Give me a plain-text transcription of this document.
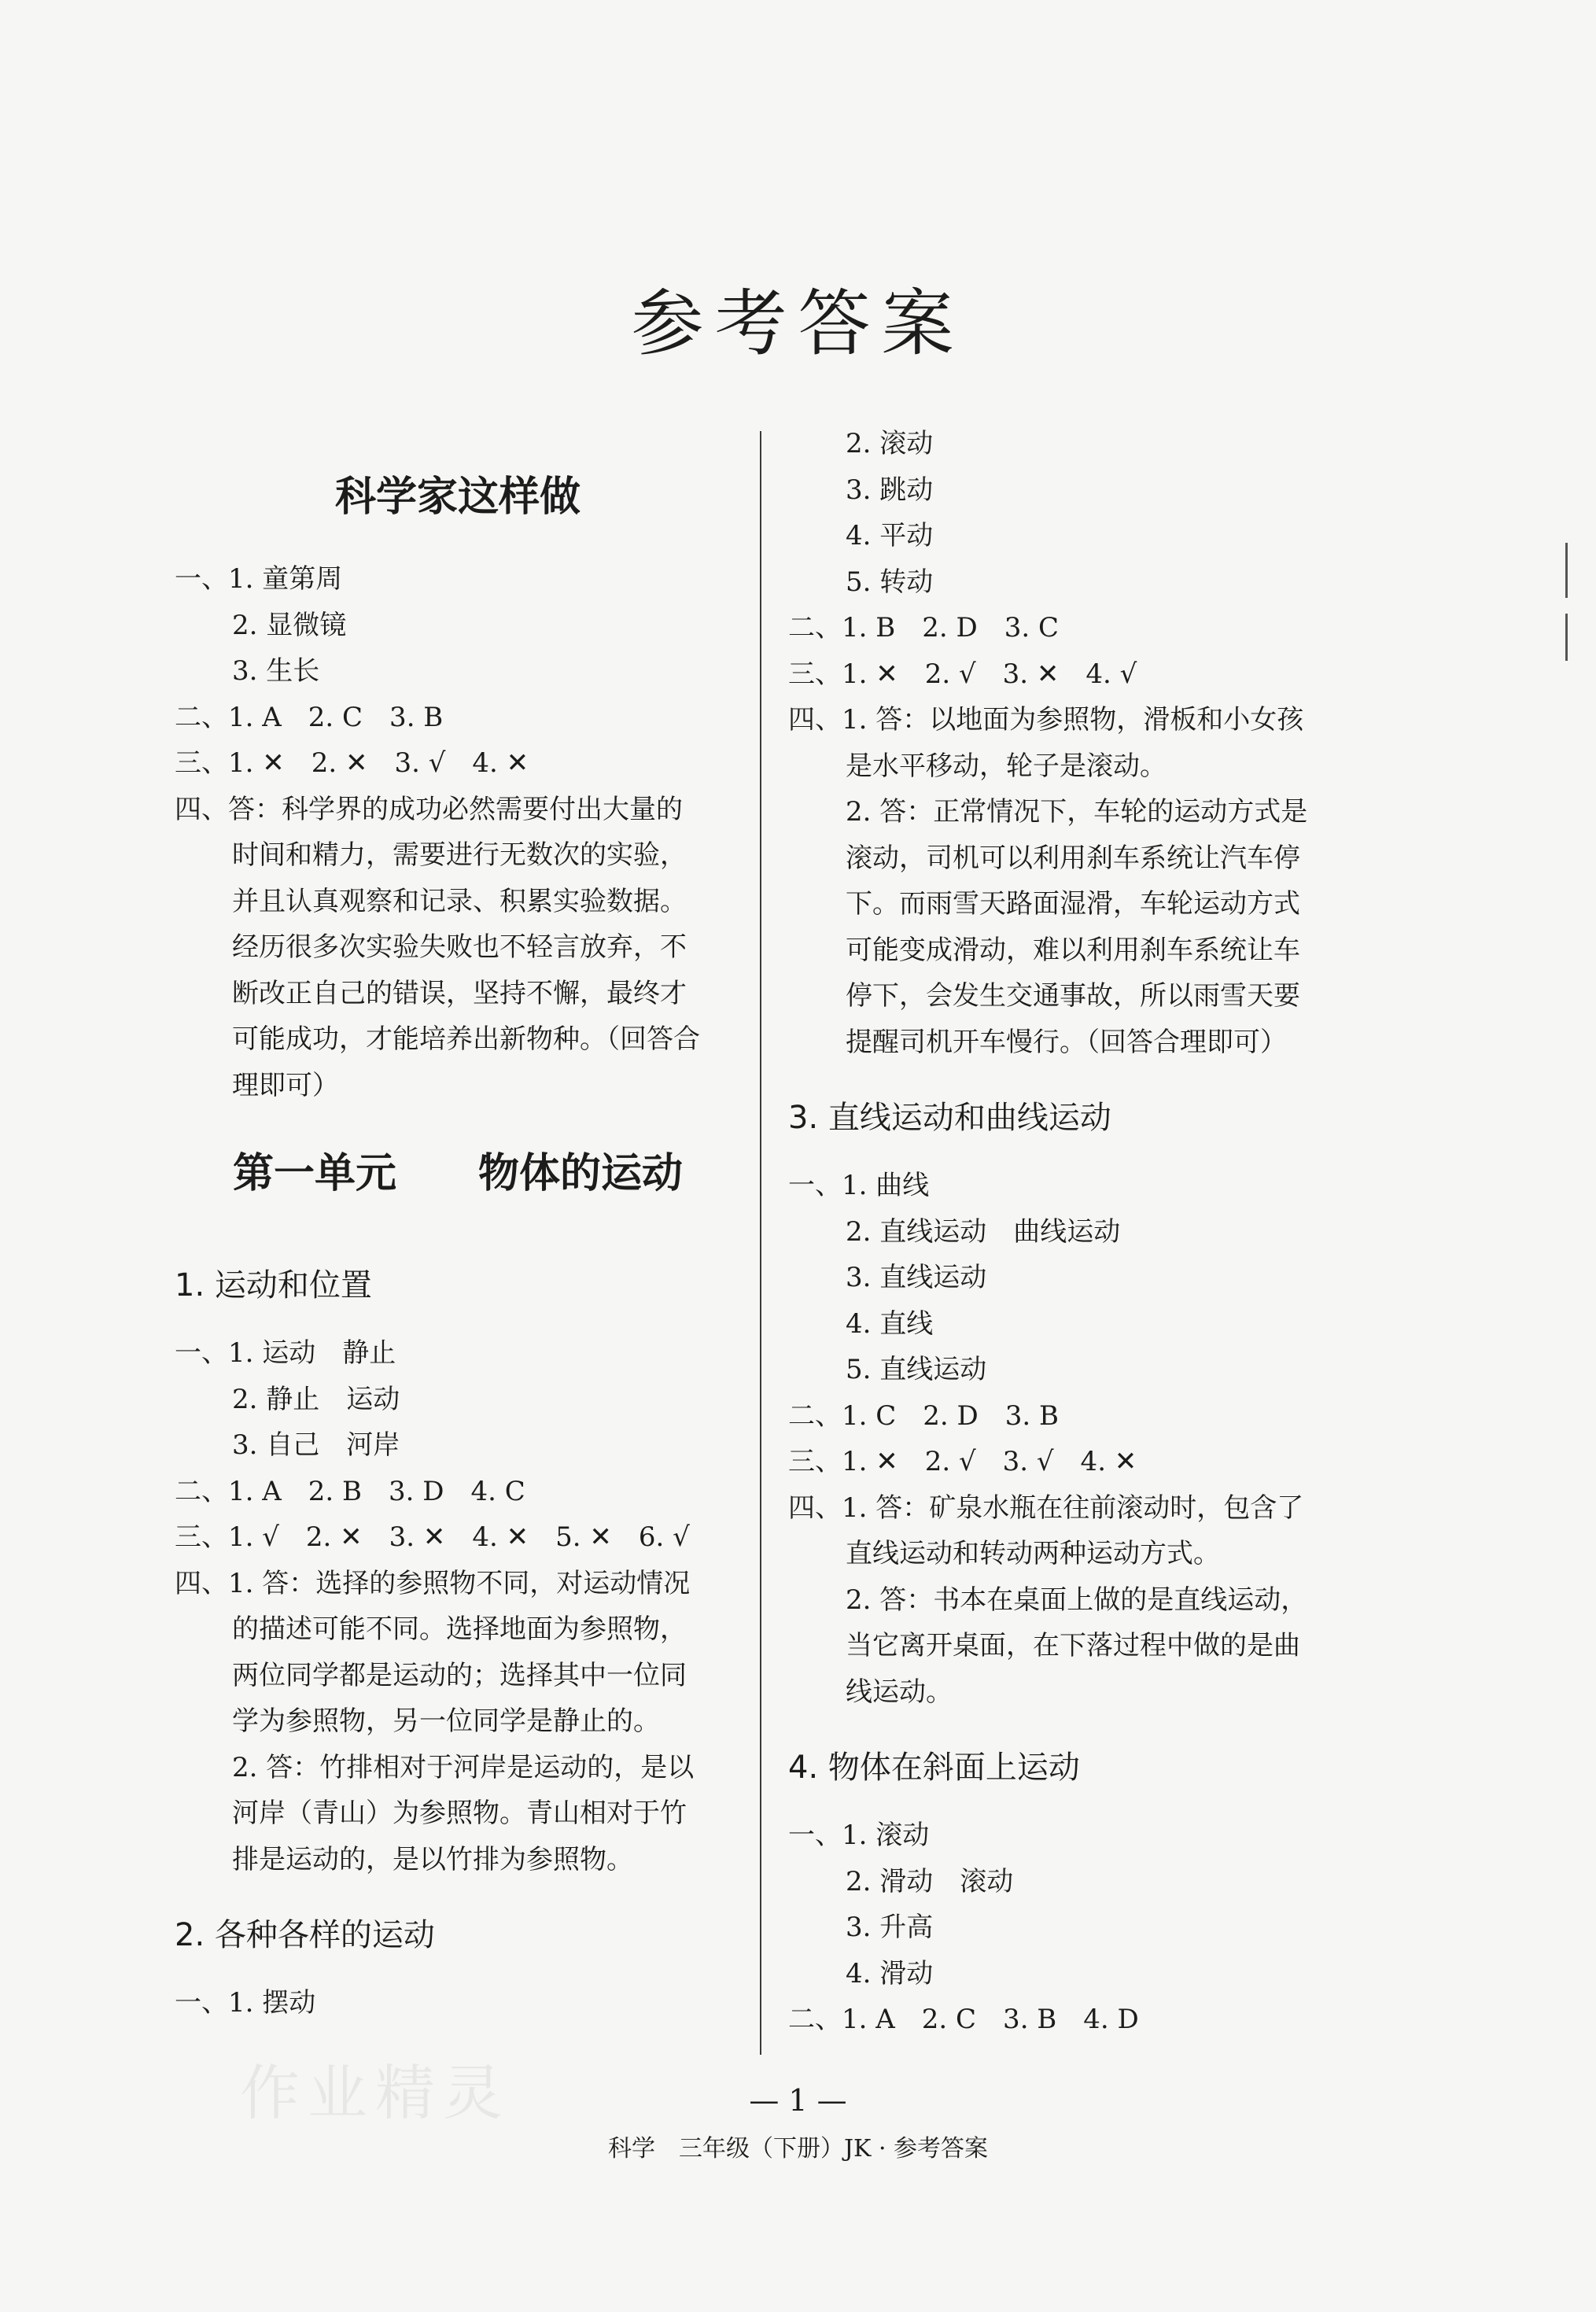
参考答案
科学家这样做
一、1. 童第周
2. 显微镜
3. 生长
二、1. A　2. C　3. B
三、1. ✕　2. ✕　3. √　4. ✕
四、答：科学界的成功必然需要付出大量的
时间和精力，需要进行无数次的实验，
并且认真观察和记录、积累实验数据。
经历很多次实验失败也不轻言放弃，不
断改正自己的错误，坚持不懈，最终才
可能成功，才能培养出新物种。（回答合
理即可）
第一单元　　物体的运动
1. 运动和位置
一、1. 运动　静止
2. 静止　运动
3. 自己　河岸
二、1. A　2. B　3. D　4. C
三、1. √　2. ✕　3. ✕　4. ✕　5. ✕　6. √
四、1. 答：选择的参照物不同，对运动情况
的描述可能不同。选择地面为参照物，
两位同学都是运动的；选择其中一位同
学为参照物，另一位同学是静止的。
2. 答：竹排相对于河岸是运动的，是以
河岸（青山）为参照物。青山相对于竹
排是运动的，是以竹排为参照物。
2. 各种各样的运动
一、1. 摆动
2. 滚动
3. 跳动
4. 平动
5. 转动
二、1. B　2. D　3. C
三、1. ✕　2. √　3. ✕　4. √
四、1. 答：以地面为参照物，滑板和小女孩
是水平移动，轮子是滚动。
2. 答：正常情况下，车轮的运动方式是
滚动，司机可以利用刹车系统让汽车停
下。而雨雪天路面湿滑，车轮运动方式
可能变成滑动，难以利用刹车系统让车
停下，会发生交通事故，所以雨雪天要
提醒司机开车慢行。（回答合理即可）
3. 直线运动和曲线运动
一、1. 曲线
2. 直线运动　曲线运动
3. 直线运动
4. 直线
5. 直线运动
二、1. C　2. D　3. B
三、1. ✕　2. √　3. √　4. ✕
四、1. 答：矿泉水瓶在往前滚动时，包含了
直线运动和转动两种运动方式。
2. 答：书本在桌面上做的是直线运动，
当它离开桌面，在下落过程中做的是曲
线运动。
4. 物体在斜面上运动
一、1. 滚动
2. 滑动　滚动
3. 升高
4. 滑动
二、1. A　2. C　3. B　4. D
作业精灵	— 1 —
科学　三年级（下册）JK · 参考答案
